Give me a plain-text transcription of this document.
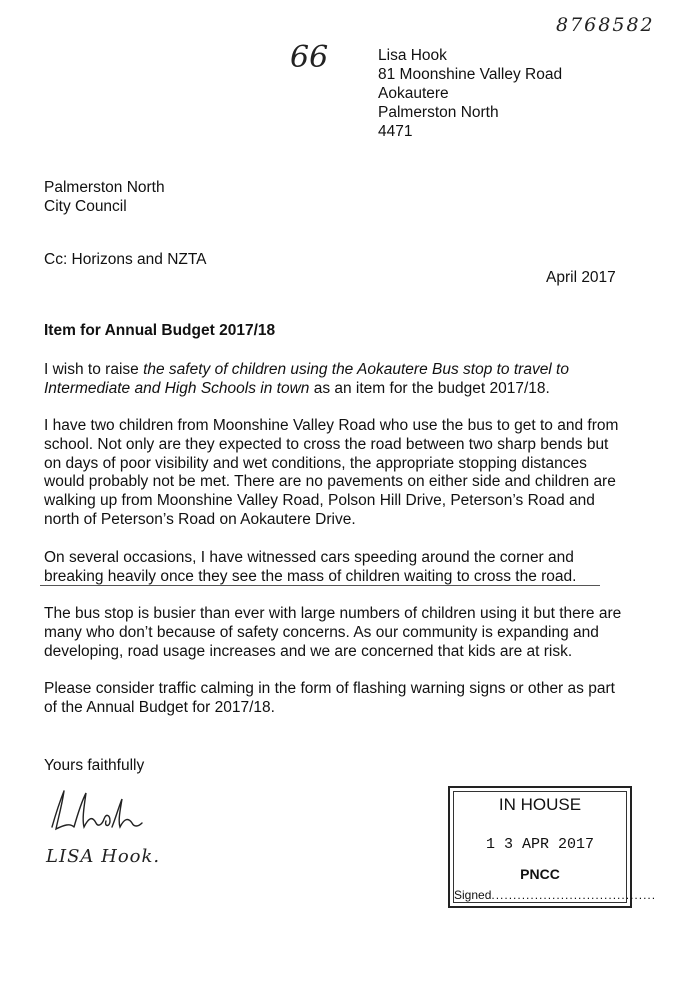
8768582
66	Lisa Hook
81 Moonshine Valley Road
Aokautere
Palmerston North
4471
Palmerston North
City Council
Cc: Horizons and NZTA
April 2017
Item for Annual Budget 2017/18
I wish to raise the safety of children using the Aokautere Bus stop to travel to
Intermediate and High Schools in town as an item for the budget 2017/18.
I have two children from Moonshine Valley Road who use the bus to get to and from
school. Not only are they expected to cross the road between two sharp bends but
on days of poor visibility and wet conditions, the appropriate stopping distances
would probably not be met. There are no pavements on either side and children are
walking up from Moonshine Valley Road, Polson Hill Drive, Peterson’s Road and
north of Peterson’s Road on Aokautere Drive.
On several occasions, I have witnessed cars speeding around the corner and
breaking heavily once they see the mass of children waiting to cross the road.
The bus stop is busier than ever with large numbers of children using it but there are
many who don’t because of safety concerns. As our community is expanding and
developing, road usage increases and we are concerned that kids are at risk.
Please consider traffic calming in the form of flashing warning signs or other as part
of the Annual Budget for 2017/18.
Yours faithfully
LISA Hook.
IN HOUSE
1 3 APR 2017
PNCC
Signed......................................
